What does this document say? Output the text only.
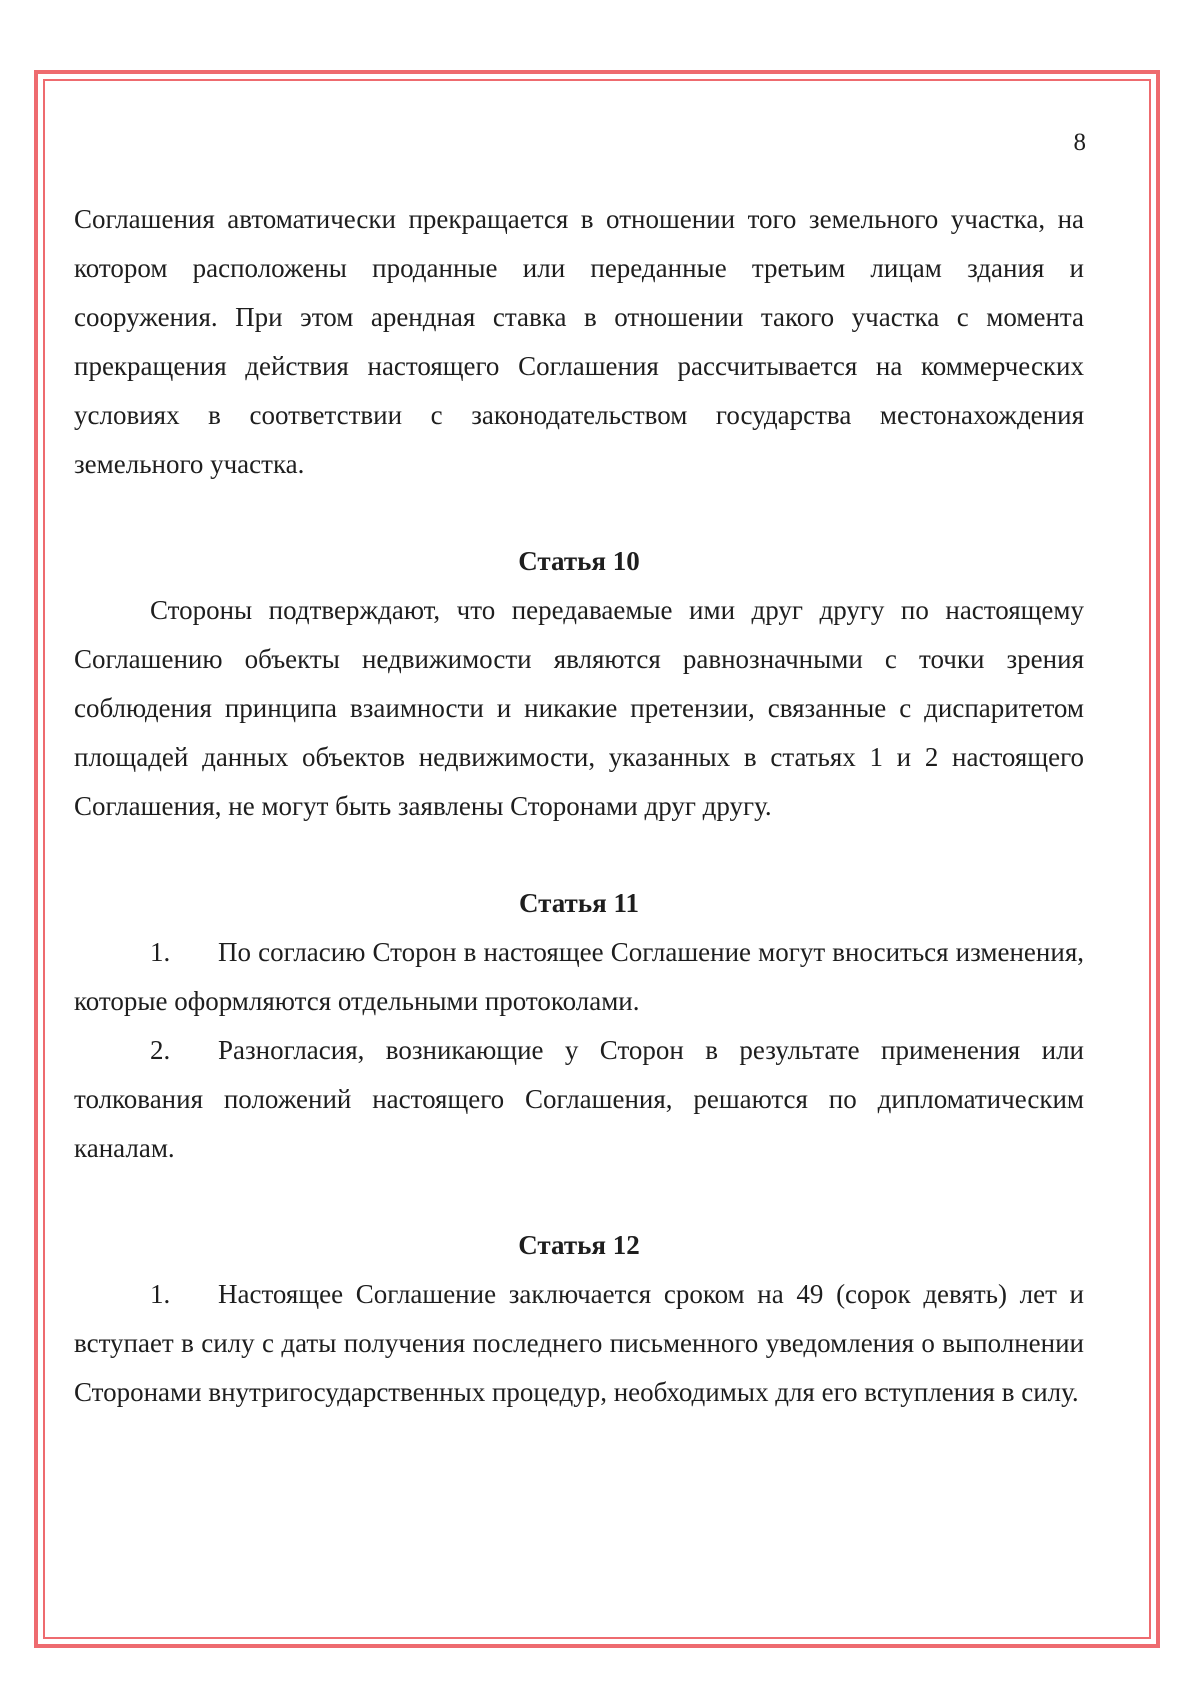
8

Соглашения автоматически прекращается в отношении того земельного участка, на котором расположены проданные или переданные третьим лицам здания и сооружения. При этом арендная ставка в отношении такого участка с момента прекращения действия настоящего Соглашения рассчитывается на коммерческих условиях в соответствии с законодательством государства местонахождения земельного участка.

Статья 10

Стороны подтверждают, что передаваемые ими друг другу по настоящему Соглашению объекты недвижимости являются равнозначными с точки зрения соблюдения принципа взаимности и никакие претензии, связанные с диспаритетом площадей данных объектов недвижимости, указанных в статьях 1 и 2 настоящего Соглашения, не могут быть заявлены Сторонами друг другу.

Статья 11

1. По согласию Сторон в настоящее Соглашение могут вноситься изменения, которые оформляются отдельными протоколами.

2. Разногласия, возникающие у Сторон в результате применения или толкования положений настоящего Соглашения, решаются по дипломатическим каналам.

Статья 12

1. Настоящее Соглашение заключается сроком на 49 (сорок девять) лет и вступает в силу с даты получения последнего письменного уведомления о выполнении Сторонами внутригосударственных процедур, необходимых для его вступления в силу.
